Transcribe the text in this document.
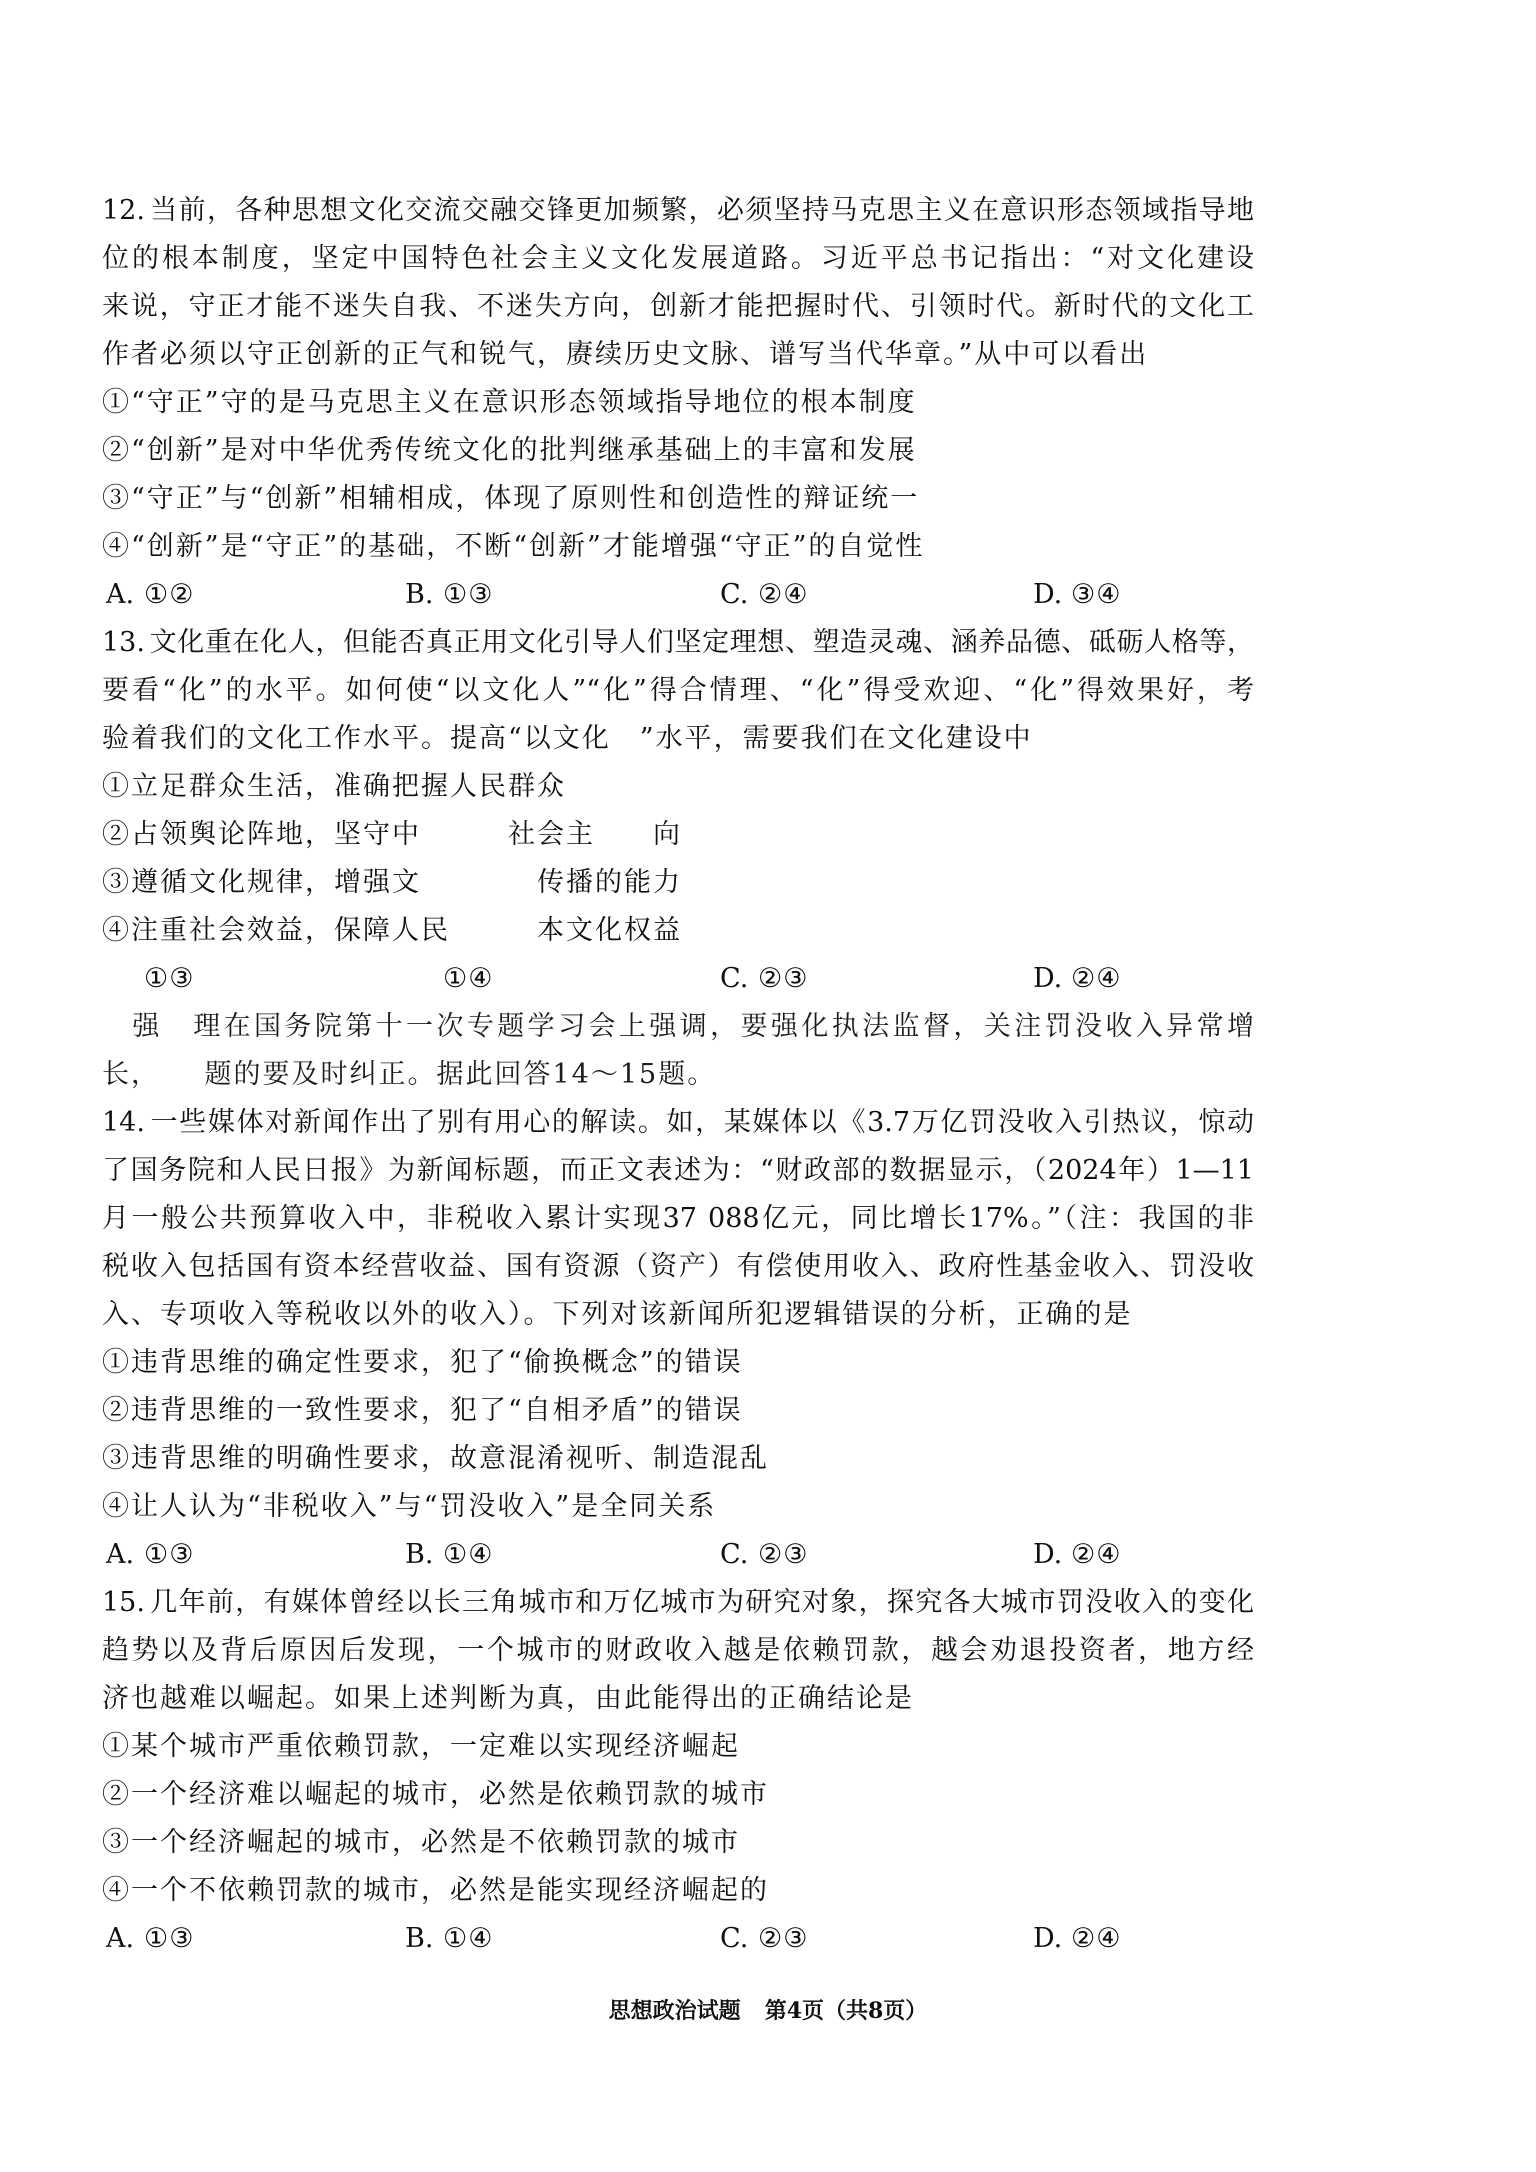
12. 当前，各种思想文化交流交融交锋更加频繁，必须坚持马克思主义在意识形态领域指导地
位的根本制度，坚定中国特色社会主义文化发展道路。习近平总书记指出：“对文化建设
来说，守正才能不迷失自我、不迷失方向，创新才能把握时代、引领时代。新时代的文化工
作者必须以守正创新的正气和锐气，赓续历史文脉、谱写当代华章。”从中可以看出
①“守正”守的是马克思主义在意识形态领域指导地位的根本制度
②“创新”是对中华优秀传统文化的批判继承基础上的丰富和发展
③“守正”与“创新”相辅相成，体现了原则性和创造性的辩证统一
④“创新”是“守正”的基础，不断“创新”才能增强“守正”的自觉性
A. ①②	B. ①③	C. ②④	D. ③④
13. 文化重在化人，但能否真正用文化引导人们坚定理想、塑造灵魂、涵养品德、砥砺人格等，
要看“化”的水平。如何使“以文化人”“化”得合情理、“化”得受欢迎、“化”得效果好，考
验着我们的文化工作水平。提高“以文化　”水平，需要我们在文化建设中
①立足群众生活，准确把握人民群众
②占领舆论阵地，坚守中　　　社会主　　向
③遵循文化规律，增强文　　　　传播的能力
④注重社会效益，保障人民　　　本文化权益
①③	①④	C. ②③	D. ②④
　强　理在国务院第十一次专题学习会上强调，要强化执法监督，关注罚没收入异常增
长，　　题的要及时纠正。据此回答14～15题。
14. 一些媒体对新闻作出了别有用心的解读。如，某媒体以《3.7万亿罚没收入引热议，惊动
了国务院和人民日报》为新闻标题，而正文表述为：“财政部的数据显示，（2024年）1—11
月一般公共预算收入中，非税收入累计实现37 088亿元，同比增长17%。”（注：我国的非
税收入包括国有资本经营收益、国有资源（资产）有偿使用收入、政府性基金收入、罚没收
入、专项收入等税收以外的收入）。下列对该新闻所犯逻辑错误的分析，正确的是
①违背思维的确定性要求，犯了“偷换概念”的错误
②违背思维的一致性要求，犯了“自相矛盾”的错误
③违背思维的明确性要求，故意混淆视听、制造混乱
④让人认为“非税收入”与“罚没收入”是全同关系
A. ①③	B. ①④	C. ②③	D. ②④
15. 几年前，有媒体曾经以长三角城市和万亿城市为研究对象，探究各大城市罚没收入的变化
趋势以及背后原因后发现，一个城市的财政收入越是依赖罚款，越会劝退投资者，地方经
济也越难以崛起。如果上述判断为真，由此能得出的正确结论是
①某个城市严重依赖罚款，一定难以实现经济崛起
②一个经济难以崛起的城市，必然是依赖罚款的城市
③一个经济崛起的城市，必然是不依赖罚款的城市
④一个不依赖罚款的城市，必然是能实现经济崛起的
A. ①③	B. ①④	C. ②③	D. ②④
思想政治试题 第4页（共8页）
